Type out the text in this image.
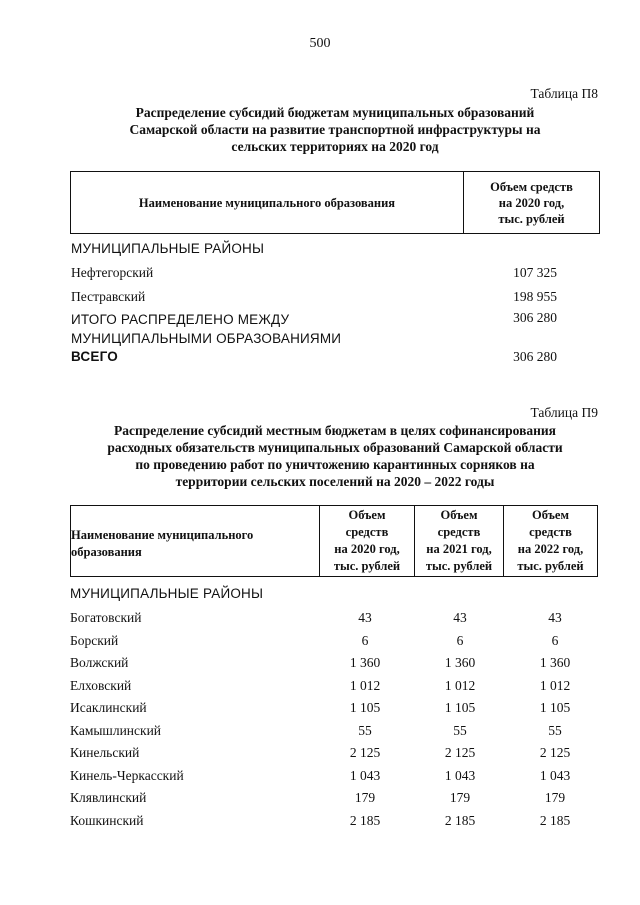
500
Таблица П8
Распределение субсидий бюджетам муниципальных образований
Самарской области на развитие транспортной инфраструктуры на
сельских территориях на 2020 год
Наименование муниципального образования
Объем средств
на 2020 год,
тыс. рублей
МУНИЦИПАЛЬНЫЕ РАЙОНЫ
Нефтегорский	107 325
Пестравский	198 955
ИТОГО РАСПРЕДЕЛЕНО МЕЖДУ
МУНИЦИПАЛЬНЫМИ ОБРАЗОВАНИЯМИ
306 280
ВСЕГО	306 280
Таблица П9
Распределение субсидий местным бюджетам в целях софинансирования
расходных обязательств муниципальных образований Самарской области
по проведению работ по уничтожению карантинных сорняков на
территории сельских поселений на 2020 – 2022 годы
Наименование муниципального
образования
Объем
средств
на 2020 год,
тыс. рублей
Объем
средств
на 2021 год,
тыс. рублей
Объем
средств
на 2022 год,
тыс. рублей
МУНИЦИПАЛЬНЫЕ РАЙОНЫ
Богатовский	43	43	43
Борский	6	6	6
Волжский	1 360	1 360	1 360
Елховский	1 012	1 012	1 012
Исаклинский	1 105	1 105	1 105
Камышлинский	55	55	55
Кинельский	2 125	2 125	2 125
Кинель-Черкасский	1 043	1 043	1 043
Клявлинский	179	179	179
Кошкинский	2 185	2 185	2 185
